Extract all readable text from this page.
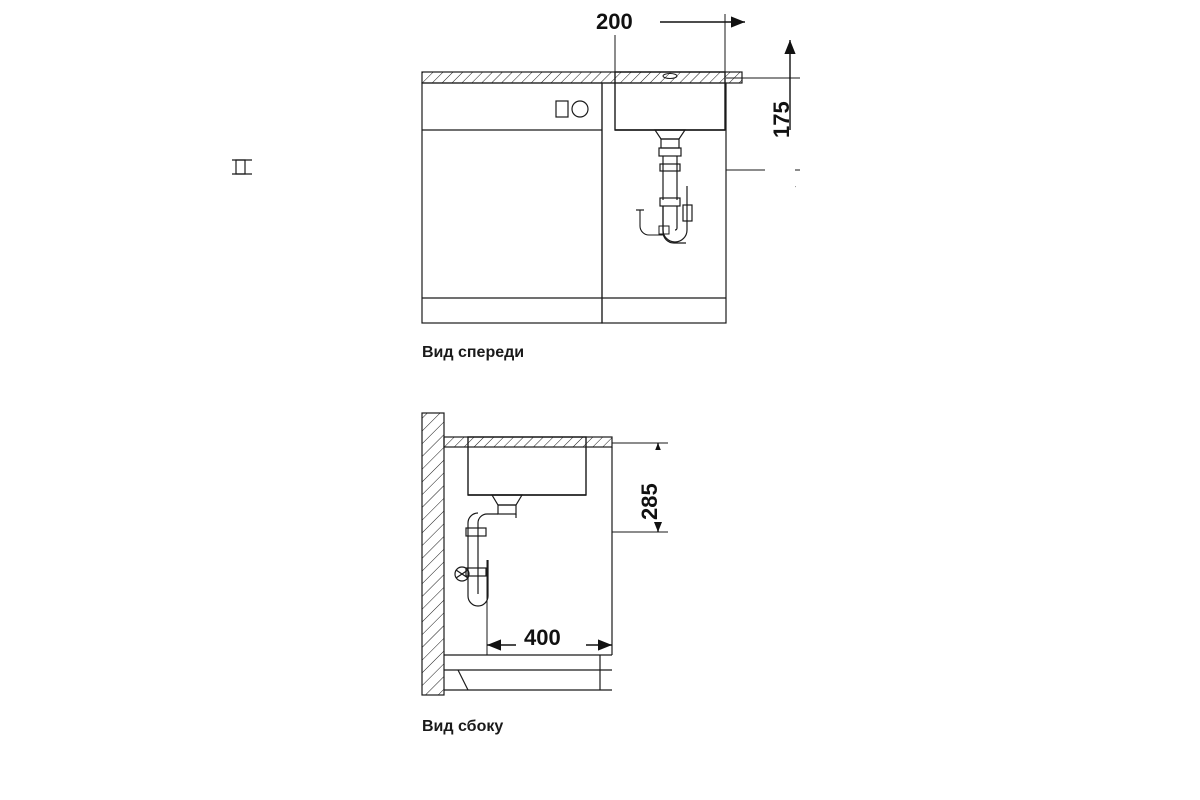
200
175
285
400
Вид спереди
Вид сбоку
